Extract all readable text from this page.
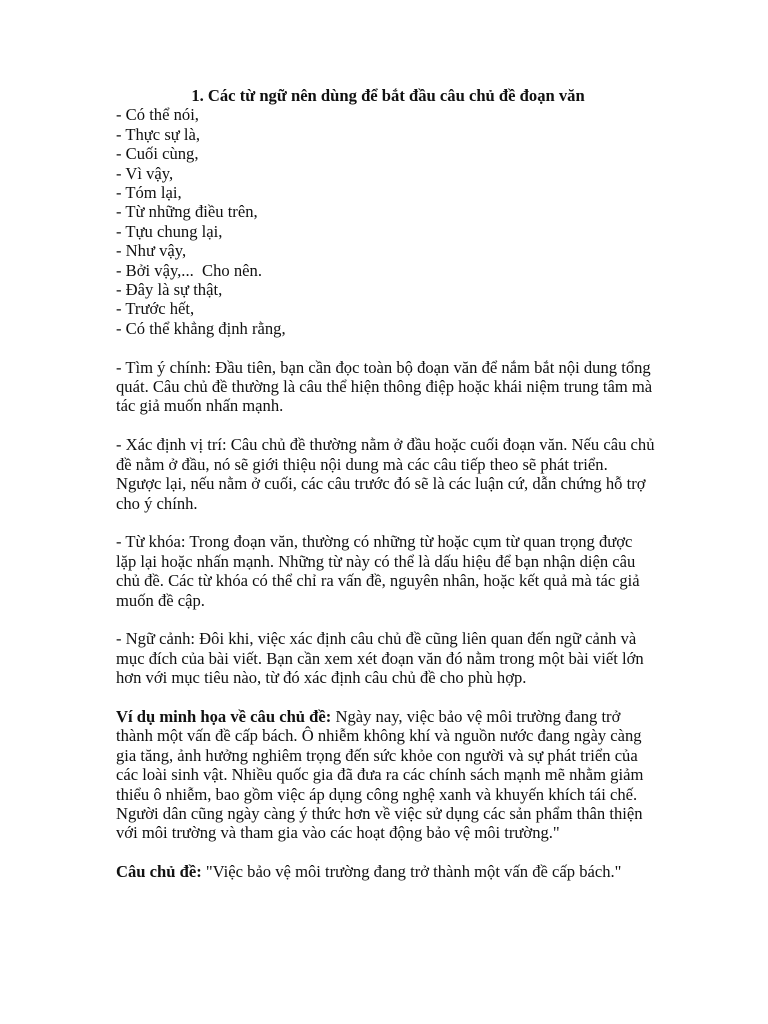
1. Các từ ngữ nên dùng để bắt đầu câu chủ đề đoạn văn

- Có thể nói,
- Thực sự là,
- Cuối cùng,
- Vì vậy,
- Tóm lại,
- Từ những điều trên,
- Tựu chung lại,
- Như vậy,
- Bởi vậy,...  Cho nên.
- Đây là sự thật,
- Trước hết,
- Có thể khẳng định rằng,

- Tìm ý chính: Đầu tiên, bạn cần đọc toàn bộ đoạn văn để nắm bắt nội dung tổng quát. Câu chủ đề thường là câu thể hiện thông điệp hoặc khái niệm trung tâm mà tác giả muốn nhấn mạnh.

- Xác định vị trí: Câu chủ đề thường nằm ở đầu hoặc cuối đoạn văn. Nếu câu chủ đề nằm ở đầu, nó sẽ giới thiệu nội dung mà các câu tiếp theo sẽ phát triển. Ngược lại, nếu nằm ở cuối, các câu trước đó sẽ là các luận cứ, dẫn chứng hỗ trợ cho ý chính.

- Từ khóa: Trong đoạn văn, thường có những từ hoặc cụm từ quan trọng được lặp lại hoặc nhấn mạnh. Những từ này có thể là dấu hiệu để bạn nhận diện câu chủ đề. Các từ khóa có thể chỉ ra vấn đề, nguyên nhân, hoặc kết quả mà tác giả muốn đề cập.

- Ngữ cảnh: Đôi khi, việc xác định câu chủ đề cũng liên quan đến ngữ cảnh và mục đích của bài viết. Bạn cần xem xét đoạn văn đó nằm trong một bài viết lớn hơn với mục tiêu nào, từ đó xác định câu chủ đề cho phù hợp.

Ví dụ minh họa về câu chủ đề: Ngày nay, việc bảo vệ môi trường đang trở thành một vấn đề cấp bách. Ô nhiễm không khí và nguồn nước đang ngày càng gia tăng, ảnh hưởng nghiêm trọng đến sức khỏe con người và sự phát triển của các loài sinh vật. Nhiều quốc gia đã đưa ra các chính sách mạnh mẽ nhằm giảm thiểu ô nhiễm, bao gồm việc áp dụng công nghệ xanh và khuyến khích tái chế. Người dân cũng ngày càng ý thức hơn về việc sử dụng các sản phẩm thân thiện với môi trường và tham gia vào các hoạt động bảo vệ môi trường."

Câu chủ đề: "Việc bảo vệ môi trường đang trở thành một vấn đề cấp bách."
